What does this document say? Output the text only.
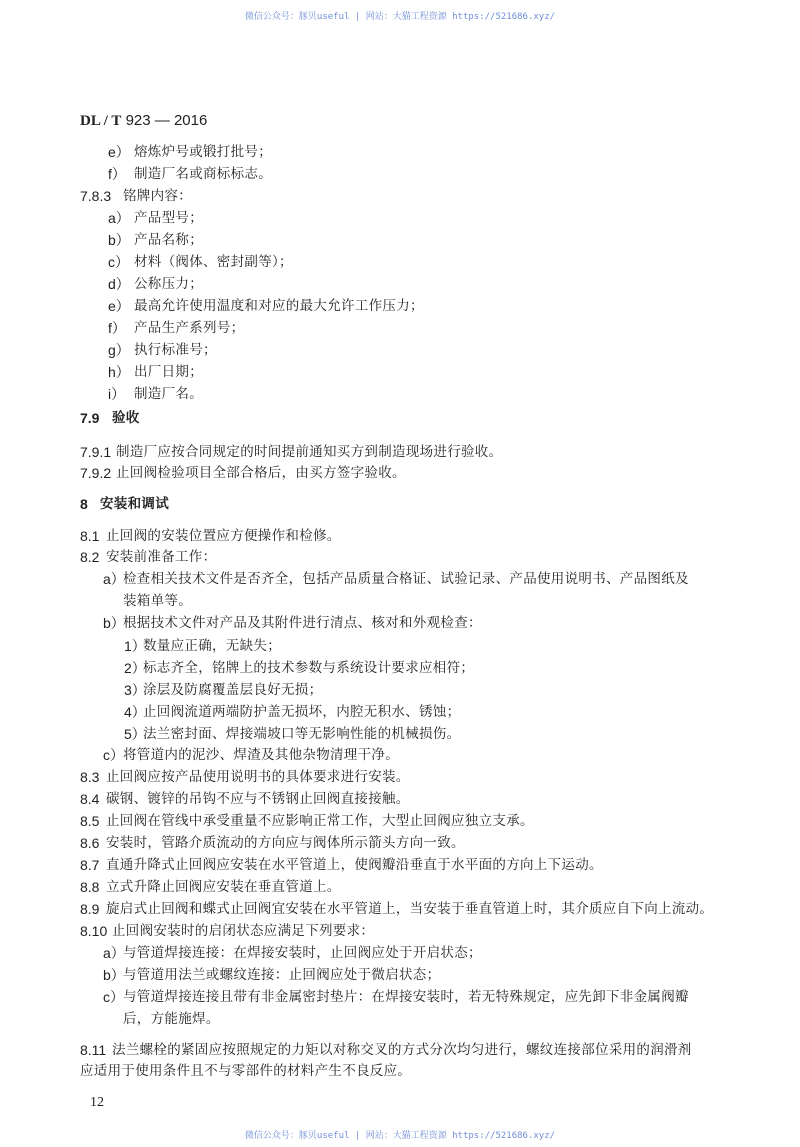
微信公众号：豚贝useful | 网站：大猫工程资源 https://521686.xyz/
DL / T 923 — 2016
e） 熔炼炉号或锻打批号；
f） 制造厂名或商标标志。
7.8.3 铭牌内容：
a） 产品型号；
b） 产品名称；
c） 材料（阀体、密封副等）；
d） 公称压力；
e） 最高允许使用温度和对应的最大允许工作压力；
f） 产品生产系列号；
g） 执行标准号；
h） 出厂日期；
i） 制造厂名。
7.9 验收
7.9.1 制造厂应按合同规定的时间提前通知买方到制造现场进行验收。
7.9.2 止回阀检验项目全部合格后，由买方签字验收。
8 安装和调试
8.1 止回阀的安装位置应方便操作和检修。
8.2 安装前准备工作：
a）
检查相关技术文件是否齐全，包括产品质量合格证、试验记录、产品使用说明书、产品图纸及
装箱单等。
b）
根据技术文件对产品及其附件进行清点、核对和外观检查：
1）
数量应正确，无缺失；
2）
标志齐全，铭牌上的技术参数与系统设计要求应相符；
3）
涂层及防腐覆盖层良好无损；
4）
止回阀流道两端防护盖无损坏，内腔无积水、锈蚀；
5）
法兰密封面、焊接端坡口等无影响性能的机械损伤。
c） 将管道内的泥沙、焊渣及其他杂物清理干净。
8.3 止回阀应按产品使用说明书的具体要求进行安装。
8.4 碳钢、镀锌的吊钩不应与不锈钢止回阀直接接触。
8.5 止回阀在管线中承受重量不应影响正常工作，大型止回阀应独立支承。
8.6 安装时，管路介质流动的方向应与阀体所示箭头方向一致。
8.7 直通升降式止回阀应安装在水平管道上，使阀瓣沿垂直于水平面的方向上下运动。
8.8 立式升降止回阀应安装在垂直管道上。
8.9 旋启式止回阀和蝶式止回阀宜安装在水平管道上，当安装于垂直管道上时，其介质应自下向上流动。
8.10 止回阀安装时的启闭状态应满足下列要求：
a）
与管道焊接连接：在焊接安装时，止回阀应处于开启状态；
b）
与管道用法兰或螺纹连接：止回阀应处于微启状态；
c） 与管道焊接连接且带有非金属密封垫片：在焊接安装时，若无特殊规定，应先卸下非金属阀瓣
后，方能施焊。
8.11 法兰螺栓的紧固应按照规定的力矩以对称交叉的方式分次均匀进行，螺纹连接部位采用的润滑剂
应适用于使用条件且不与零部件的材料产生不良反应。
12
微信公众号：豚贝useful | 网站：大猫工程资源 https://521686.xyz/
